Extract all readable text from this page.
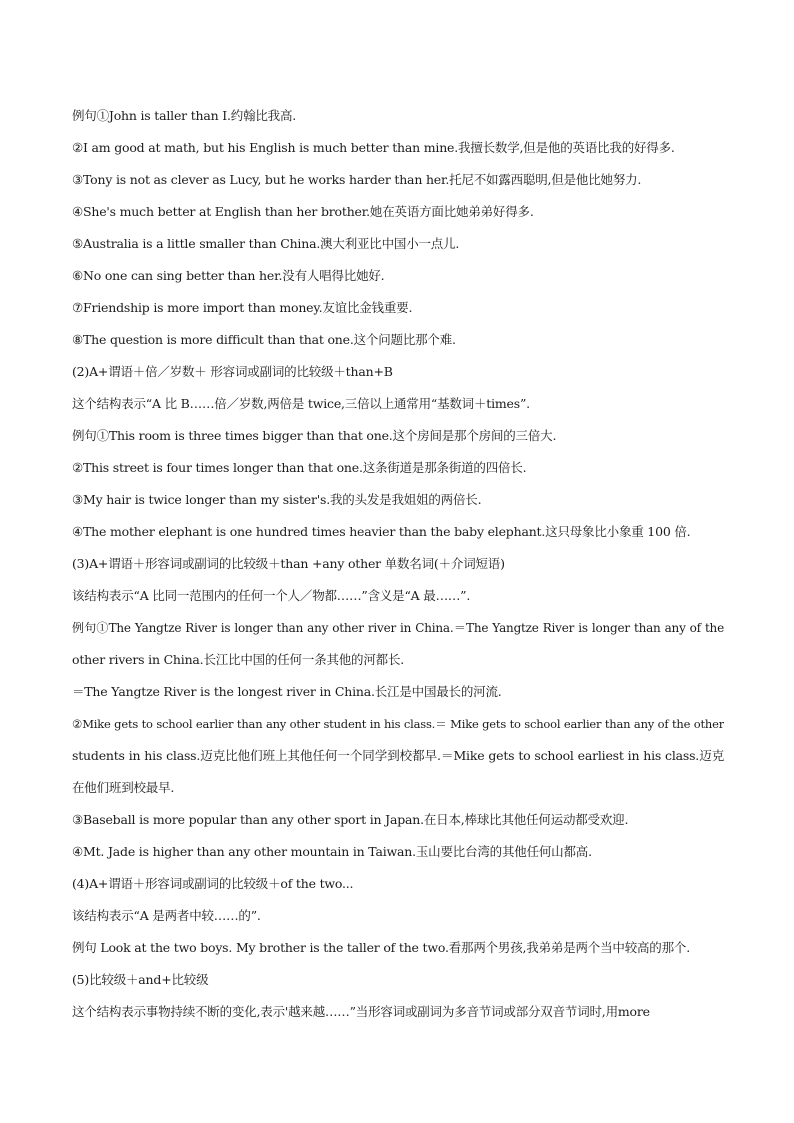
例句①John is taller than I.约翰比我高.
②I am good at math, but his English is much better than mine.我擅长数学,但是他的英语比我的好得多.
③Tony is not as clever as Lucy, but he works harder than her.托尼不如露西聪明,但是他比她努力.
④She's much better at English than her brother.她在英语方面比她弟弟好得多.
⑤Australia is a little smaller than China.澳大利亚比中国小一点儿.
⑥No one can sing better than her.没有人唱得比她好.
⑦Friendship is more import than money.友谊比金钱重要.
⑧The question is more difficult than that one.这个问题比那个难.
(2)A+谓语＋倍／岁数＋ 形容词或副词的比较级＋than+B
这个结构表示“A 比 B……倍／岁数,两倍是 twice,三倍以上通常用“基数词＋times”.
例句①This room is three times bigger than that one.这个房间是那个房间的三倍大.
②This street is four times longer than that one.这条街道是那条街道的四倍长.
③My hair is twice longer than my sister's.我的头发是我姐姐的两倍长.
④The mother elephant is one hundred times heavier than the baby elephant.这只母象比小象重 100 倍.
(3)A+谓语＋形容词或副词的比较级＋than +any other 单数名词(＋介词短语)
该结构表示“A 比同一范围内的任何一个人／物都……”含义是“A 最……”.
例句①The Yangtze River is longer than any other river in China.＝The Yangtze River is longer than any of the
other rivers in China.长江比中国的任何一条其他的河都长.
＝The Yangtze River is the longest river in China.长江是中国最长的河流.
②Mike gets to school earlier than any other student in his class.＝ Mike gets to school earlier than any of the other
students in his class.迈克比他们班上其他任何一个同学到校都早.＝Mike gets to school earliest in his class.迈克
在他们班到校最早.
③Baseball is more popular than any other sport in Japan.在日本,棒球比其他任何运动都受欢迎.
④Mt. Jade is higher than any other mountain in Taiwan.玉山要比台湾的其他任何山都高.
(4)A+谓语＋形容词或副词的比较级＋of the two...
该结构表示“A 是两者中较……的”.
例句 Look at the two boys. My brother is the taller of the two.看那两个男孩,我弟弟是两个当中较高的那个.
(5)比较级＋and+比较级
这个结构表示事物持续不断的变化,表示'越来越……”当形容词或副词为多音节词或部分双音节词时,用more
